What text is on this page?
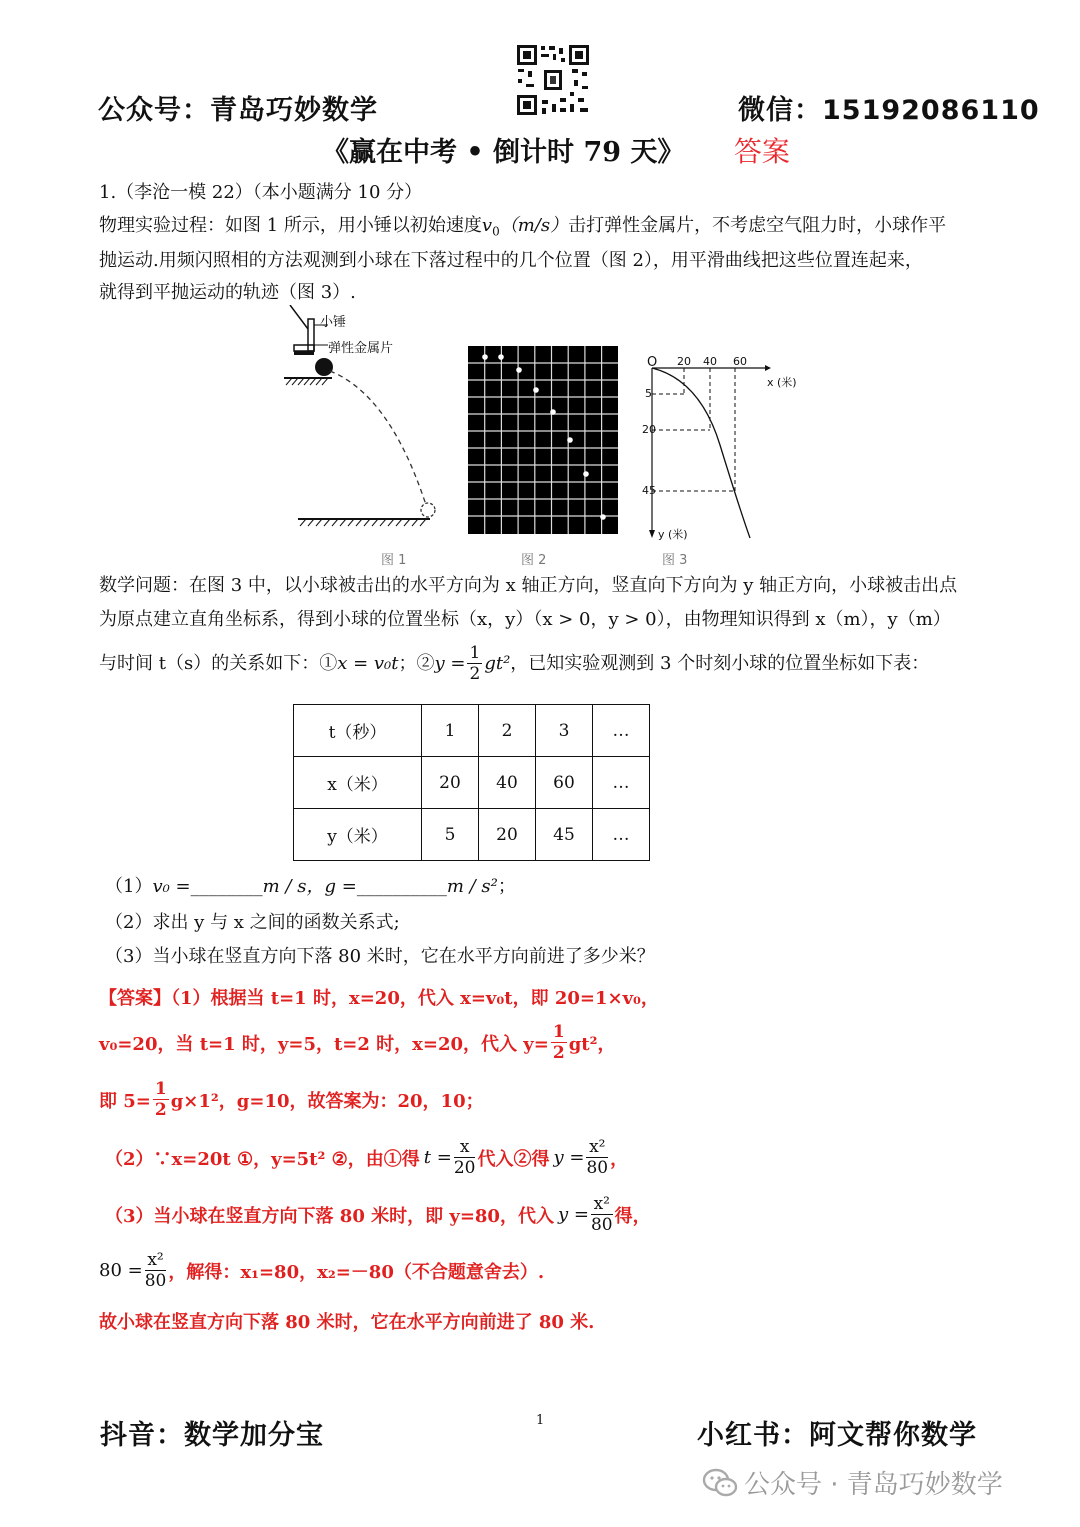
公众号：青岛巧妙数学	微信：15192086110
《赢在中考 • 倒计时 79 天》 答案
1.（李沧一模 22）（本小题满分 10 分）
物理实验过程：如图 1 所示，用小锤以初始速度$v_0(m/s)$击打弹性金属片，不考虑空气阻力时，小球作平
抛运动.用频闪照相的方法观测到小球在下落过程中的几个位置（图 2），用平滑曲线把这些位置连起来，
就得到平抛运动的轨迹（图 3）.
小锤
弹性金属片
图 1	图 2
O 20 40 60
x (米)
5
20
45
y (米)
图 3
数学问题：在图 3 中，以小球被击出的水平方向为 x 轴正方向，竖直向下方向为 y 轴正方向，小球被击出点
为原点建立直角坐标系，得到小球的位置坐标（x，y）（x > 0，y > 0），由物理知识得到 x（m），y（m）
与时间 t（s）的关系如下：① x = v₀t ；② $y = \frac{1}{2} gt^2$ ，已知实验观测到 3 个时刻小球的位置坐标如下表：
t（秒）	1	2	3	…
x（米）	20	40	60	…
y（米）	5	20	45	…
（1）v₀ =________m / s，g =__________m / s²；
（2）求出 y 与 x 之间的函数关系式;
（3）当小球在竖直方向下落 80 米时，它在水平方向前进了多少米？
【答案】（1）根据当 t=1 时，x=20，代入 x=v₀t，即 20=1×v₀，
v₀=20，当 t=1 时，y=5，t=2 时，x=20，代入 $y= \frac{1}{2} gt^2$，
即 $5= \frac{1}{2} g\times 1^2$，g=10，故答案为：20，10；
（2）∵x=20t ①，y=5t² ②，由①得 $t = \frac{x}{20}$ 代入②得 $y = \frac{\text{x²}}{80}$ ，
（3）当小球在竖直方向下落 80 米时，即 y=80，代入 $y = \frac{\text{x²}}{80}$ 得，
$80 = \frac{\text{x²}}{80}$ ，解得：x₁=80，x₂=－80（不合题意舍去）.
故小球在竖直方向下落 80 米时，它在水平方向前进了 80 米.
抖音：数学加分宝	1	小红书：阿文帮你数学
公众号 · 青岛巧妙数学
